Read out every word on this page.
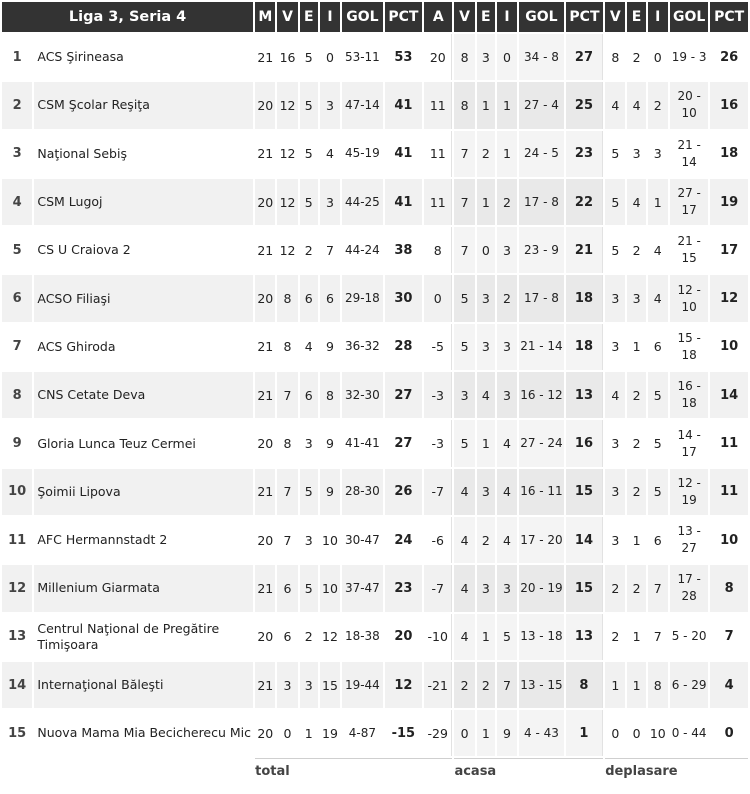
Liga 3, Seria 4		M	V	E	I	GOL	PCT	A	V	E	I	GOL	PCT	V	E	I	GOL	PCT
1	ACS Şirineasa	21	16	5	0	53-11	53	20	8	3	0	34 - 8	27	8	2	0	19 - 3	26
2	CSM Şcolar Reşiţa	20	12	5	3	47-14	41	11	8	1	1	27 - 4	25	4	4	2	20 - 10	16
3	Naţional Sebiş	21	12	5	4	45-19	41	11	7	2	1	24 - 5	23	5	3	3	21 - 14	18
4	CSM Lugoj	20	12	5	3	44-25	41	11	7	1	2	17 - 8	22	5	4	1	27 - 17	19
5	CS U Craiova 2	21	12	2	7	44-24	38	8	7	0	3	23 - 9	21	5	2	4	21 - 15	17
6	ACSO Filiaşi	20	8	6	6	29-18	30	0	5	3	2	17 - 8	18	3	3	4	12 - 10	12
7	ACS Ghiroda	21	8	4	9	36-32	28	-5	5	3	3	21 - 14	18	3	1	6	15 - 18	10
8	CNS Cetate Deva	21	7	6	8	32-30	27	-3	3	4	3	16 - 12	13	4	2	5	16 - 18	14
9	Gloria Lunca Teuz Cermei	20	8	3	9	41-41	27	-3	5	1	4	27 - 24	16	3	2	5	14 - 17	11
10	Şoimii Lipova	21	7	5	9	28-30	26	-7	4	3	4	16 - 11	15	3	2	5	12 - 19	11
11	AFC Hermannstadt 2	20	7	3	10	30-47	24	-6	4	2	4	17 - 20	14	3	1	6	13 - 27	10
12	Millenium Giarmata	21	6	5	10	37-47	23	-7	4	3	3	20 - 19	15	2	2	7	17 - 28	8
13	Centrul Naţional de Pregătire Timişoara	20	6	2	12	18-38	20	-10	4	1	5	13 - 18	13	2	1	7	5 - 20	7
14	Internaţional Băleşti	21	3	3	15	19-44	12	-21	2	2	7	13 - 15	8	1	1	8	6 - 29	4
15	Nuova Mama Mia Becicherecu Mic	20	0	1	19	4-87	-15	-29	0	1	9	4 - 43	1	0	0	10	0 - 44	0
		total							acasa					deplasare				
